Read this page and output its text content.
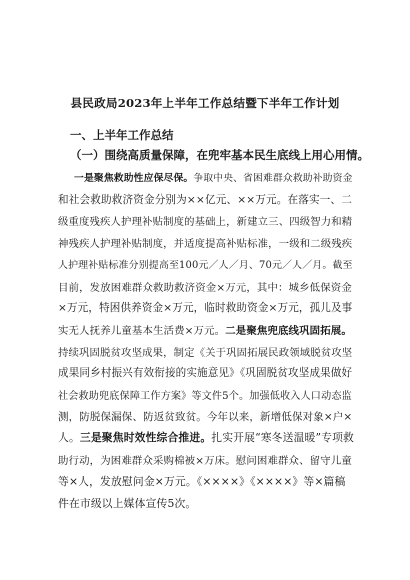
县民政局2023年上半年工作总结暨下半年工作计划
一、上半年工作总结
（一）围绕高质量保障，在兜牢基本民生底线上用心用情。
一是聚焦救助性应保尽保。争取中央、省困难群众救助补助资金
和社会救助救济资金分别为××亿元、××万元。在落实一、二
级重度残疾人护理补贴制度的基础上，新建立三、四级智力和精
神残疾人护理补贴制度，并适度提高补贴标准，一级和二级残疾
人护理补贴标准分别提高至100元／人／月、70元／人／月。截至
目前，发放困难群众救助救济资金×万元，其中：城乡低保资金
×万元，特困供养资金×万元，临时救助资金×万元，孤儿及事
实无人抚养儿童基本生活费×万元。二是聚焦兜底线巩固拓展。
持续巩固脱贫攻坚成果，制定《关于巩固拓展民政领域脱贫攻坚
成果同乡村振兴有效衔接的实施意见》《巩固脱贫攻坚成果做好
社会救助兜底保障工作方案》等文件5个。加强低收入人口动态监
测，防脱保漏保、防返贫致贫。今年以来，新增低保对象×户×
人。三是聚焦时效性综合推进。扎实开展“寒冬送温暖”专项救
助行动，为困难群众采购棉被×万床。慰问困难群众、留守儿童
等×人，发放慰问金×万元。《××××》《××××》等×篇稿
件在市级以上媒体宣传5次。
